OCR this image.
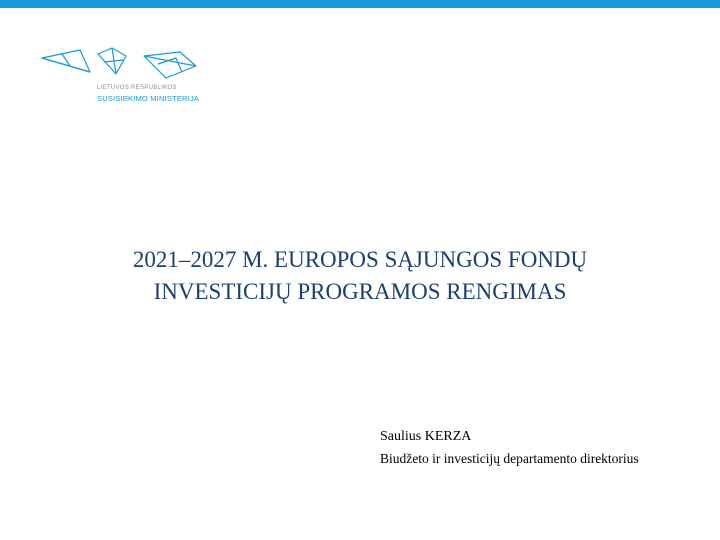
LIETUVOS RESPUBLIKOS
SUSISIEKIMO MINISTERIJA
2021–2027 M. EUROPOS SĄJUNGOS FONDŲ
INVESTICIJŲ PROGRAMOS RENGIMAS
Saulius KERZA
Biudžeto ir investicijų departamento direktorius
